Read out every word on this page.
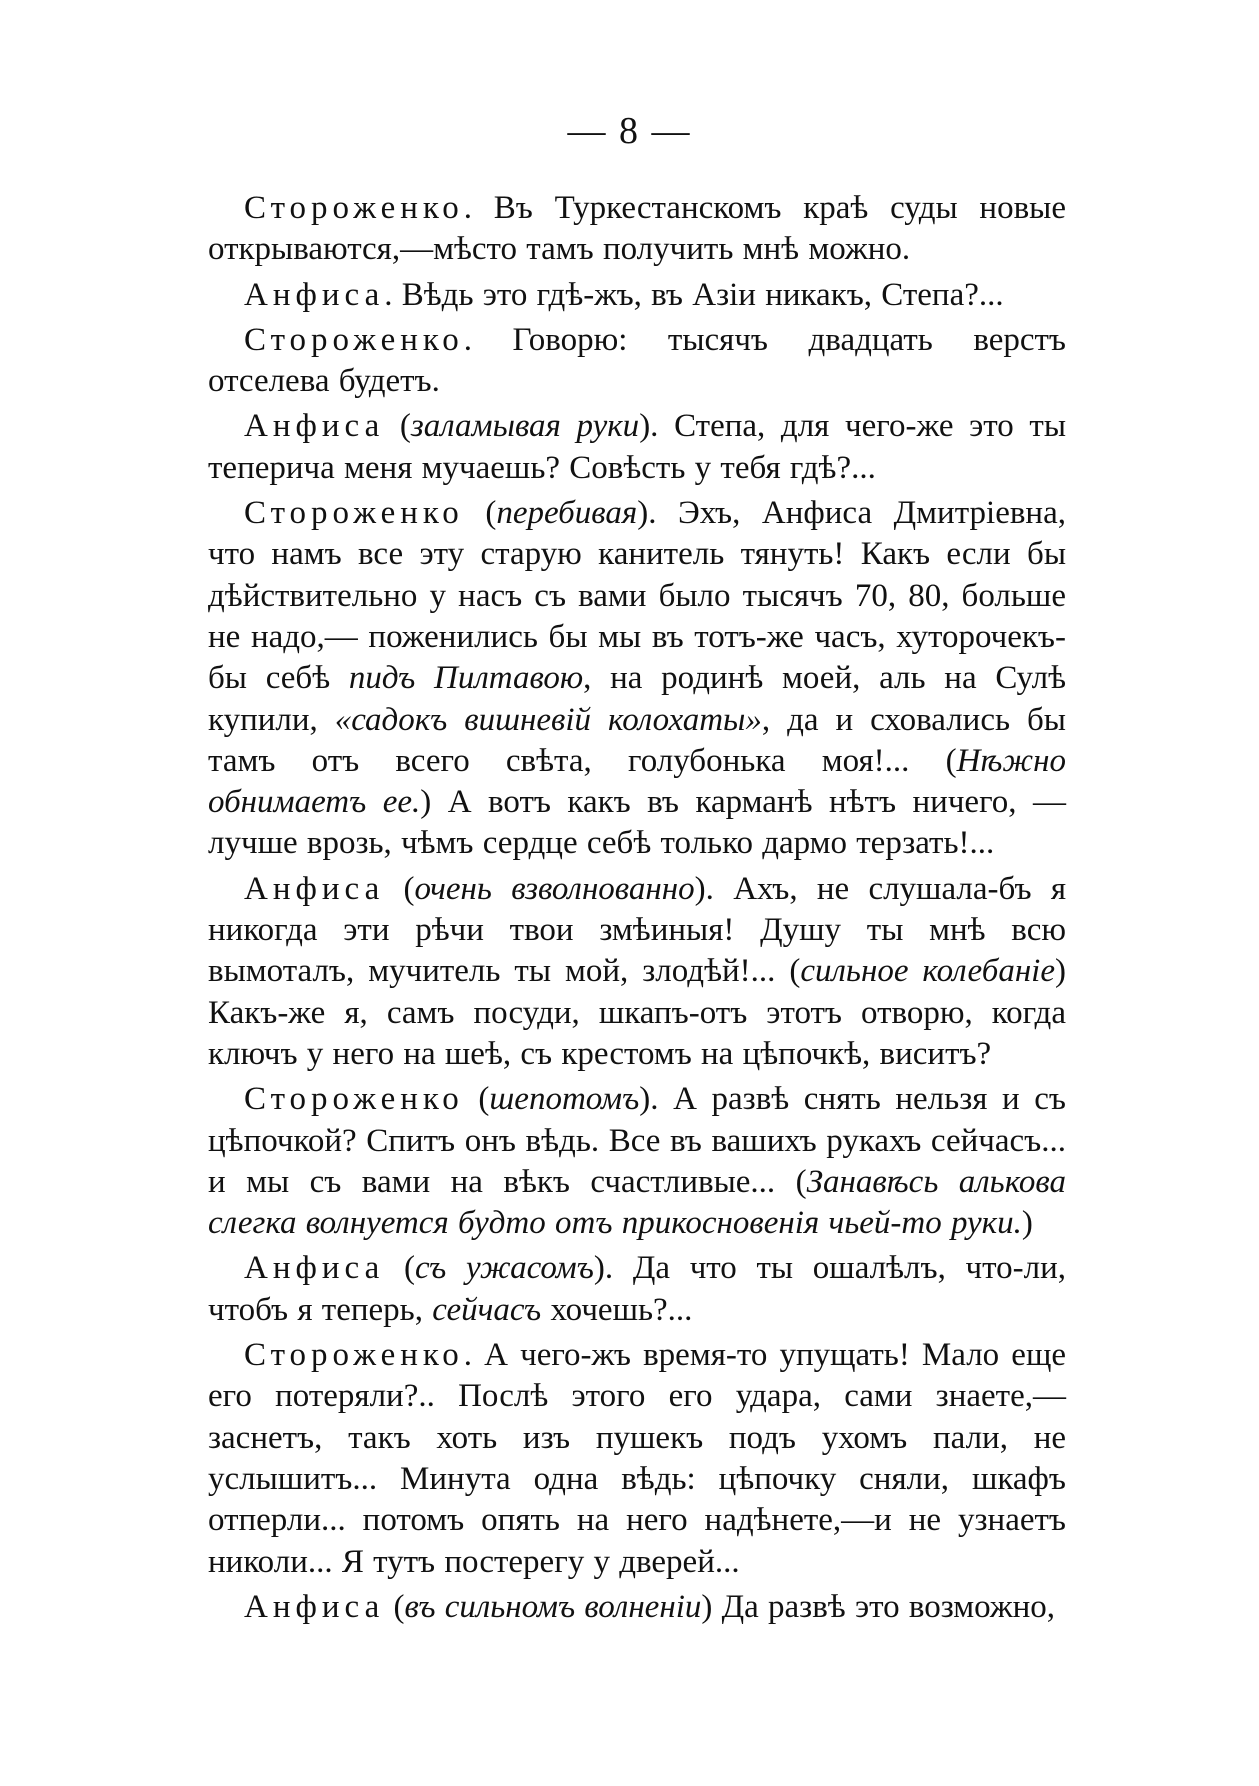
— 8 —

Стороженко. Въ Туркестанскомъ краѣ суды новые открываются,—мѣсто тамъ получить мнѣ можно.

Анфиса. Вѣдь это гдѣ-жъ, въ Азіи никакъ, Степа?...

Стороженко. Говорю: тысячъ двадцать верстъ отселева будетъ.

Анфиса (заламывая руки). Степа, для чего-же это ты теперича меня мучаешь? Совѣсть у тебя гдѣ?...

Стороженко (перебивая). Эхъ, Анфиса Дмитріевна, что намъ все эту старую канитель тянуть! Какъ если бы дѣйствительно у насъ съ вами было тысячъ 70, 80, больше не надо,— поженились бы мы въ тотъ-же часъ, хуторочекъ-бы себѣ пидъ Пилтавою, на родинѣ моей, аль на Сулѣ купили, «садокъ вишневій колохаты», да и сховались бы тамъ отъ всего свѣта, голубонька моя!... (Нѣжно обнимаетъ ее.) А вотъ какъ въ карманѣ нѣтъ ничего, — лучше врозь, чѣмъ сердце себѣ только дармо терзать!...

Анфиса (очень взволнованно). Ахъ, не слушала-бъ я никогда эти рѣчи твои змѣиныя! Душу ты мнѣ всю вымоталъ, мучитель ты мой, злодѣй!... (сильное колебаніе) Какъ-же я, самъ посуди, шкапъ-отъ этотъ отворю, когда ключъ у него на шеѣ, съ крестомъ на цѣпочкѣ, виситъ?

Стороженко (шепотомъ). А развѣ снять нельзя и съ цѣпочкой? Спитъ онъ вѣдь. Все въ вашихъ рукахъ сейчасъ... и мы съ вами на вѣкъ счастливые... (Занавѣсь алькова слегка волнуется будто отъ прикосновенія чьей-то руки.)

Анфиса (съ ужасомъ). Да что ты ошалѣлъ, что-ли, чтобъ я теперь, сейчасъ хочешь?...

Стороженко. А чего-жъ время-то упущать! Мало еще его потеряли?.. Послѣ этого его удара, сами знаете,—заснетъ, такъ хоть изъ пушекъ подъ ухомъ пали, не услышитъ... Минута одна вѣдь: цѣпочку сняли, шкафъ отперли... потомъ опять на него надѣнете,—и не узнаетъ николи... Я тутъ постерегу у дверей...

Анфиса (въ сильномъ волненіи) Да развѣ это возможно,
